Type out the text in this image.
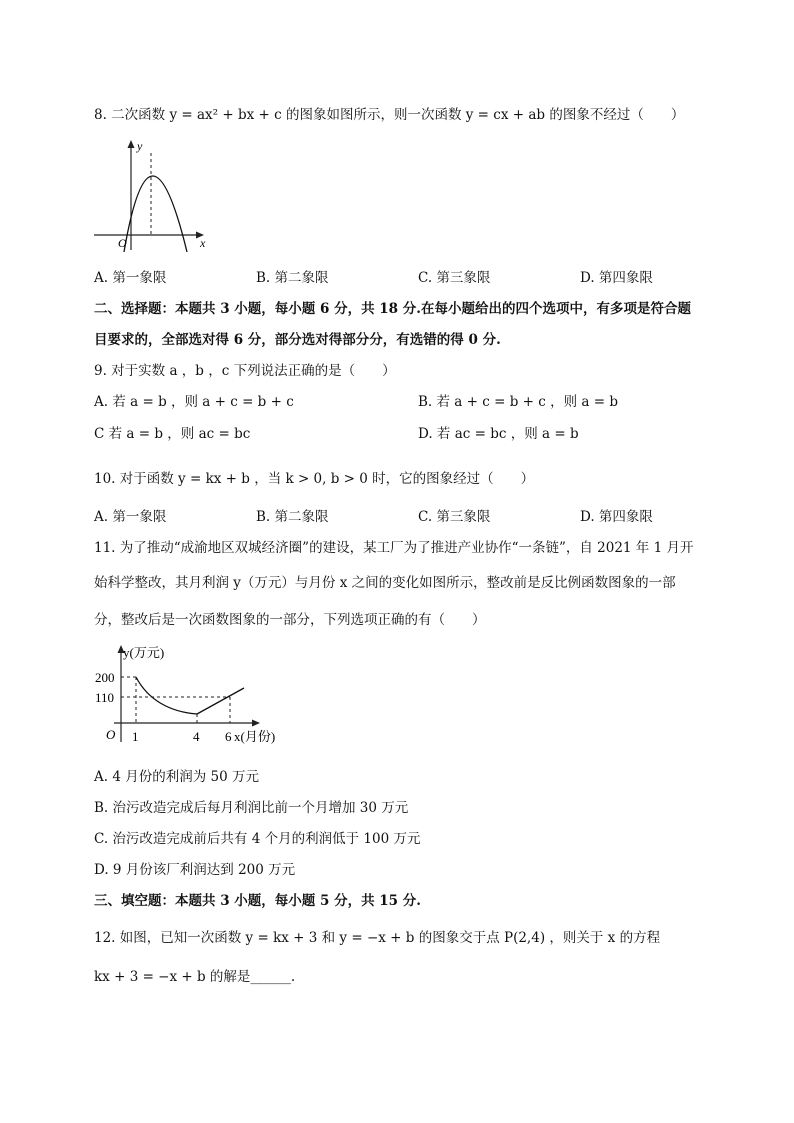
8. 二次函数 y = ax² + bx + c 的图象如图所示，则一次函数 y = cx + ab 的图象不经过（　　）
y
x
O
A. 第一象限	B. 第二象限	C. 第三象限	D. 第四象限
二、选择题：本题共 3 小题，每小题 6 分，共 18 分.在每小题给出的四个选项中，有多项是符合题
目要求的，全部选对得 6 分，部分选对得部分分，有选错的得 0 分.
9. 对于实数 a ，b ，c 下列说法正确的是（　　）
A. 若 a = b ，则 a + c = b + c	B. 若 a + c = b + c ，则 a = b
C 若 a = b ，则 ac = bc	D. 若 ac = bc ，则 a = b
10. 对于函数 y = kx + b ，当 k > 0, b > 0 时，它的图象经过（　　）
A. 第一象限	B. 第二象限	C. 第三象限	D. 第四象限
11. 为了推动“成渝地区双城经济圈”的建设，某工厂为了推进产业协作“一条链”，自 2021 年 1 月开
始科学整改，其月利润 y（万元）与月份 x 之间的变化如图所示，整改前是反比例函数图象的一部
分，整改后是一次函数图象的一部分，下列选项正确的有（　　）
y(万元)
200
110
O 1	4 6 x(月份)
A. 4 月份的利润为 50 万元
B. 治污改造完成后每月利润比前一个月增加 30 万元
C. 治污改造完成前后共有 4 个月的利润低于 100 万元
D. 9 月份该厂利润达到 200 万元
三、填空题：本题共 3 小题，每小题 5 分，共 15 分.
12. 如图，已知一次函数 y = kx + 3 和 y = −x + b 的图象交于点 P(2,4) ，则关于 x 的方程
kx + 3 = −x + b 的解是______.
